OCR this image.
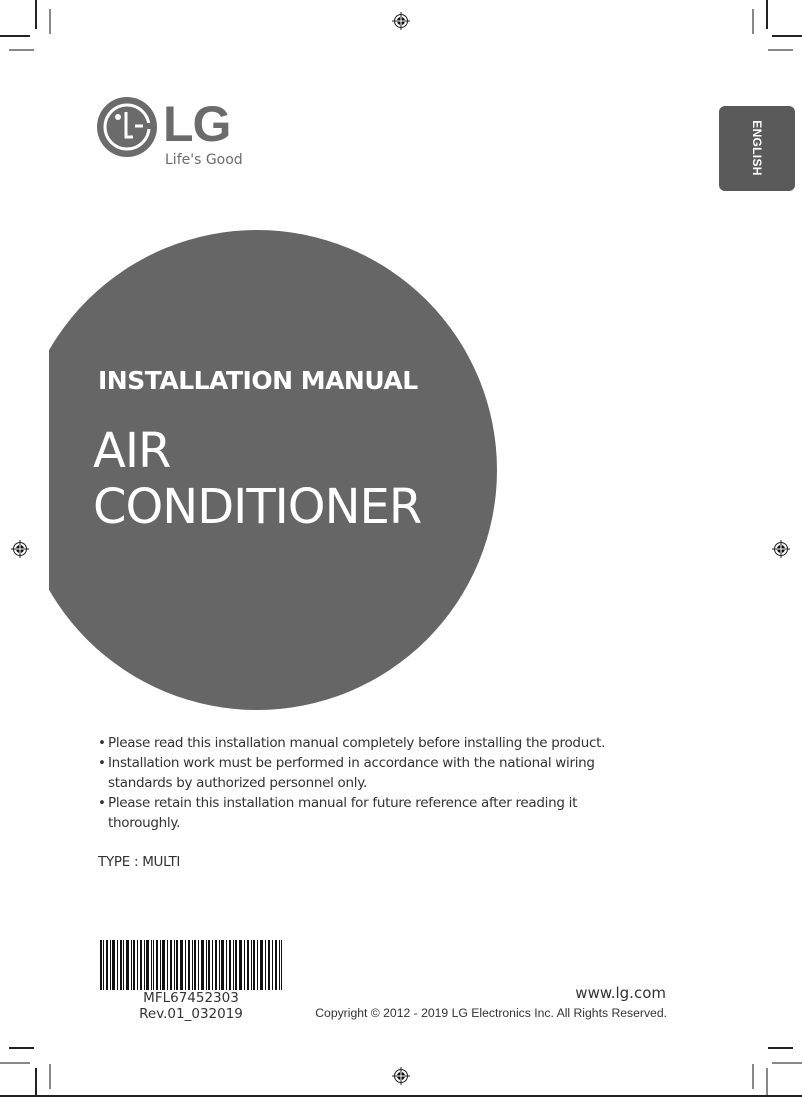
LG
Life's Good	ENGLISH
INSTALLATION MANUAL
AIR
CONDITIONER
• Please read this installation manual completely before installing the product.
• Installation work must be performed in accordance with the national wiring standards by authorized personnel only.
• Please retain this installation manual for future reference after reading it thoroughly.
TYPE : MULTI
MFL67452303
Rev.01_032019
www.lg.com
Copyright © 2012 - 2019 LG Electronics Inc. All Rights Reserved.
